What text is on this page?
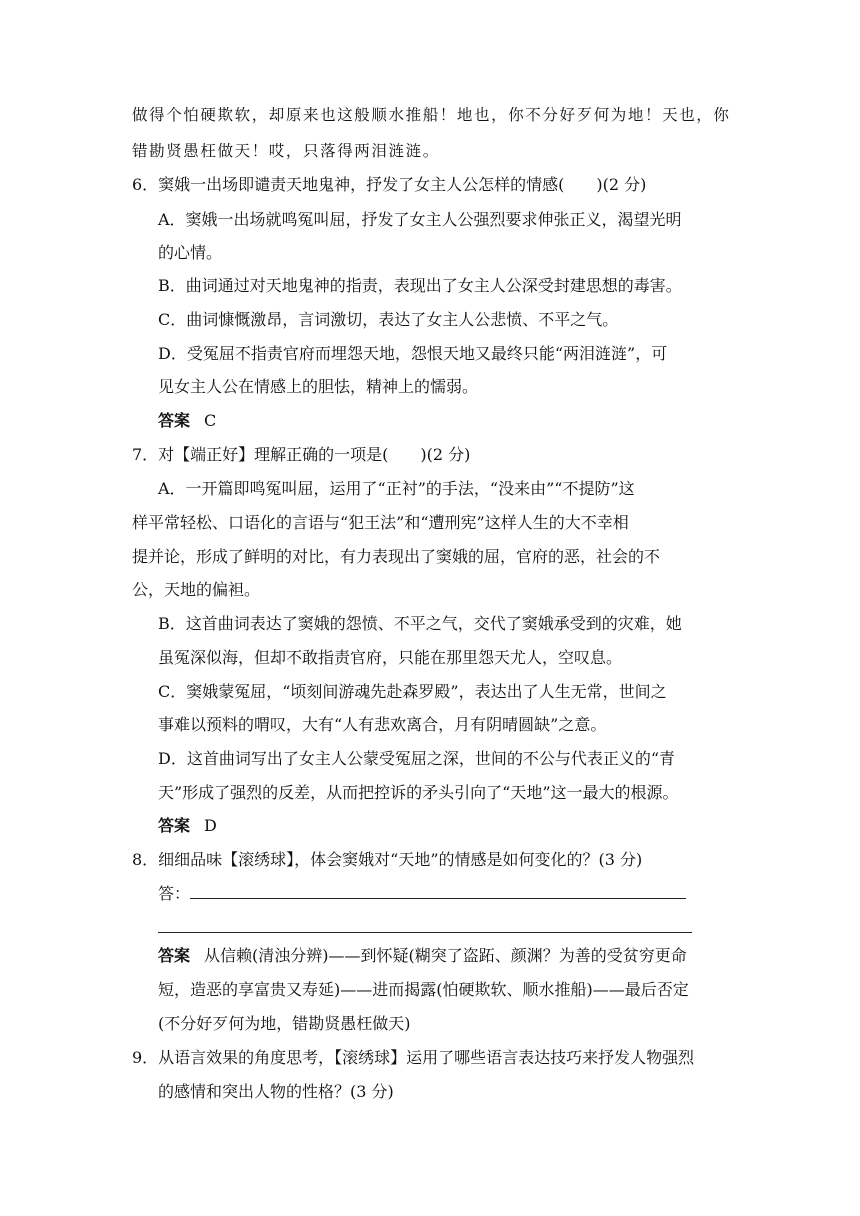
做得个怕硬欺软，却原来也这般顺水推船！地也，你不分好歹何为地！天也，你
错勘贤愚枉做天！哎，只落得两泪涟涟。
6．窦娥一出场即谴责天地鬼神，抒发了女主人公怎样的情感(　　)(2 分)
A．窦娥一出场就鸣冤叫屈，抒发了女主人公强烈要求伸张正义，渴望光明
的心情。
B．曲词通过对天地鬼神的指责，表现出了女主人公深受封建思想的毒害。
C．曲词慷慨激昂，言词激切，表达了女主人公悲愤、不平之气。
D．受冤屈不指责官府而埋怨天地，怨恨天地又最终只能“两泪涟涟”，可
见女主人公在情感上的胆怯，精神上的懦弱。
答案 C
7．对【端正好】理解正确的一项是(　　)(2 分)
A．一开篇即鸣冤叫屈，运用了“正衬”的手法，“没来由”“不提防”这
样平常轻松、口语化的言语与“犯王法”和“遭刑宪”这样人生的大不幸相
提并论，形成了鲜明的对比，有力表现出了窦娥的屈，官府的恶，社会的不
公，天地的偏袒。
B．这首曲词表达了窦娥的怨愤、不平之气，交代了窦娥承受到的灾难，她
虽冤深似海，但却不敢指责官府，只能在那里怨天尤人，空叹息。
C．窦娥蒙冤屈，“顷刻间游魂先赴森罗殿”，表达出了人生无常，世间之
事难以预料的喟叹，大有“人有悲欢离合，月有阴晴圆缺”之意。
D．这首曲词写出了女主人公蒙受冤屈之深，世间的不公与代表正义的“青
天”形成了强烈的反差，从而把控诉的矛头引向了“天地”这一最大的根源。
答案 D
8．细细品味【滚绣球】，体会窦娥对“天地”的情感是如何变化的？(3 分)
答：
答案 从信赖(清浊分辨)——到怀疑(糊突了盗跖、颜渊？为善的受贫穷更命
短，造恶的享富贵又寿延)——进而揭露(怕硬欺软、顺水推船)——最后否定
(不分好歹何为地，错勘贤愚枉做天)
9．从语言效果的角度思考，【滚绣球】运用了哪些语言表达技巧来抒发人物强烈
的感情和突出人物的性格？(3 分)
